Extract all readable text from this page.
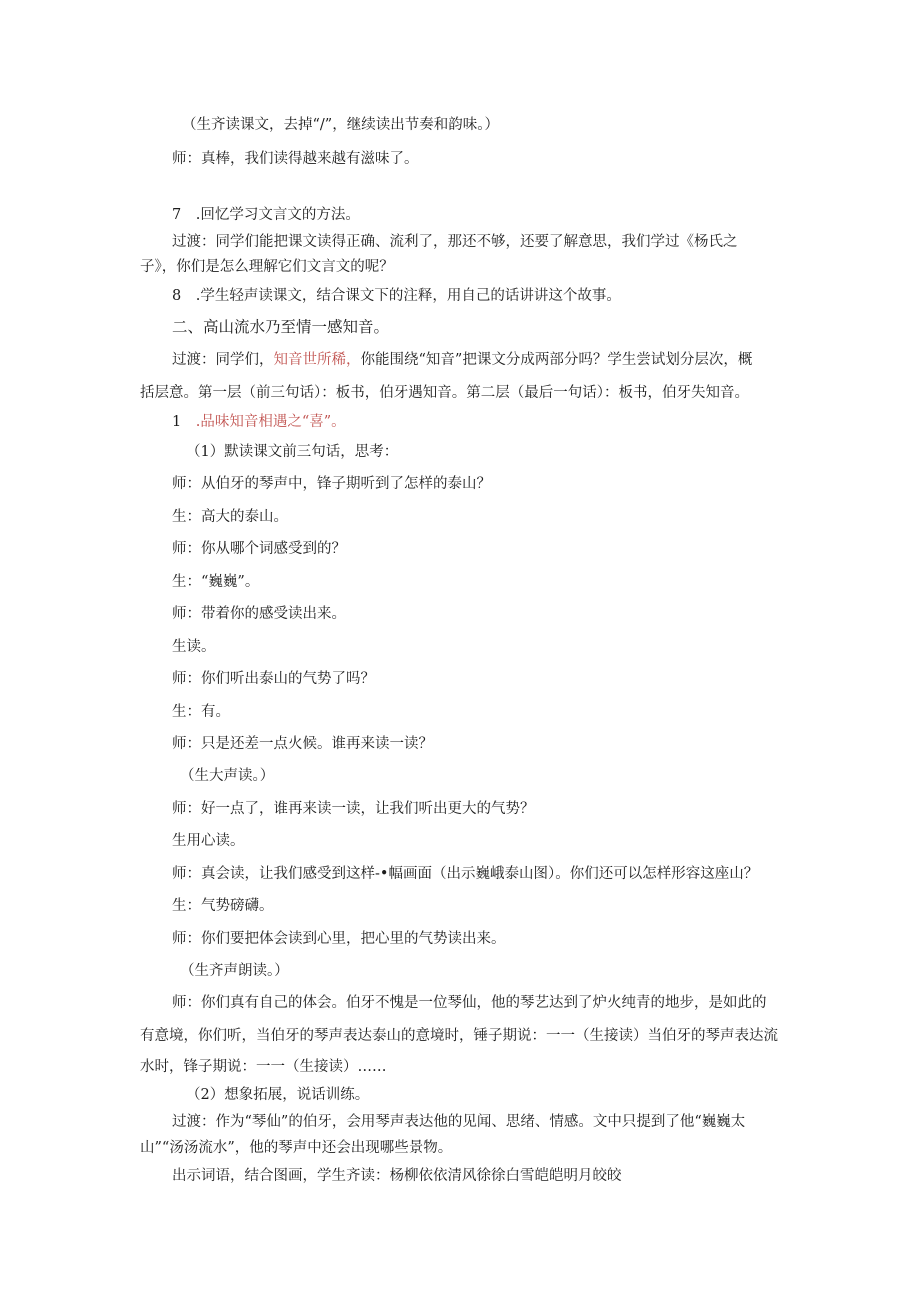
（生齐读课文，去掉“/”，继续读出节奏和韵味。）
师：真棒，我们读得越来越有滋味了。
7　.回忆学习文言文的方法。
过渡：同学们能把课文读得正确、流利了，那还不够，还要了解意思，我们学过《杨氏之
子》，你们是怎么理解它们文言文的呢？
8　.学生轻声读课文，结合课文下的注释，用自己的话讲讲这个故事。
二、高山流水乃至情一感知音。
过渡：同学们，知音世所稀，你能围绕“知音”把课文分成两部分吗？学生尝试划分层次，概
括层意。第一层（前三句话）：板书，伯牙遇知音。第二层（最后一句话）：板书，伯牙失知音。
1　.品味知音相遇之“喜”。
（1）默读课文前三句话，思考：
师：从伯牙的琴声中，锋子期听到了怎样的泰山？
生：高大的泰山。
师：你从哪个词感受到的？
生：“巍巍”。
师：带着你的感受读出来。
生读。
师：你们听出泰山的气势了吗？
生：有。
师：只是还差一点火候。谁再来读一读？
（生大声读。）
师：好一点了，谁再来读一读，让我们听出更大的气势？
生用心读。
师：真会读，让我们感受到这样-•幅画面（出示巍峨泰山图）。你们还可以怎样形容这座山？
生：气势磅礴。
师：你们要把体会读到心里，把心里的气势读出来。
（生齐声朗读。）
师：你们真有自己的体会。伯牙不愧是一位琴仙，他的琴艺达到了炉火纯青的地步，是如此的
有意境，你们听，当伯牙的琴声表达泰山的意境时，锤子期说：一一（生接读）当伯牙的琴声表达流
水时，锋子期说：一一（生接读）……
（2）想象拓展，说话训练。
过渡：作为“琴仙”的伯牙，会用琴声表达他的见闻、思绪、情感。文中只提到了他“巍巍太
山”“汤汤流水”，他的琴声中还会出现哪些景物。
出示词语，结合图画，学生齐读：杨柳依依清风徐徐白雪皑皑明月皎皎
